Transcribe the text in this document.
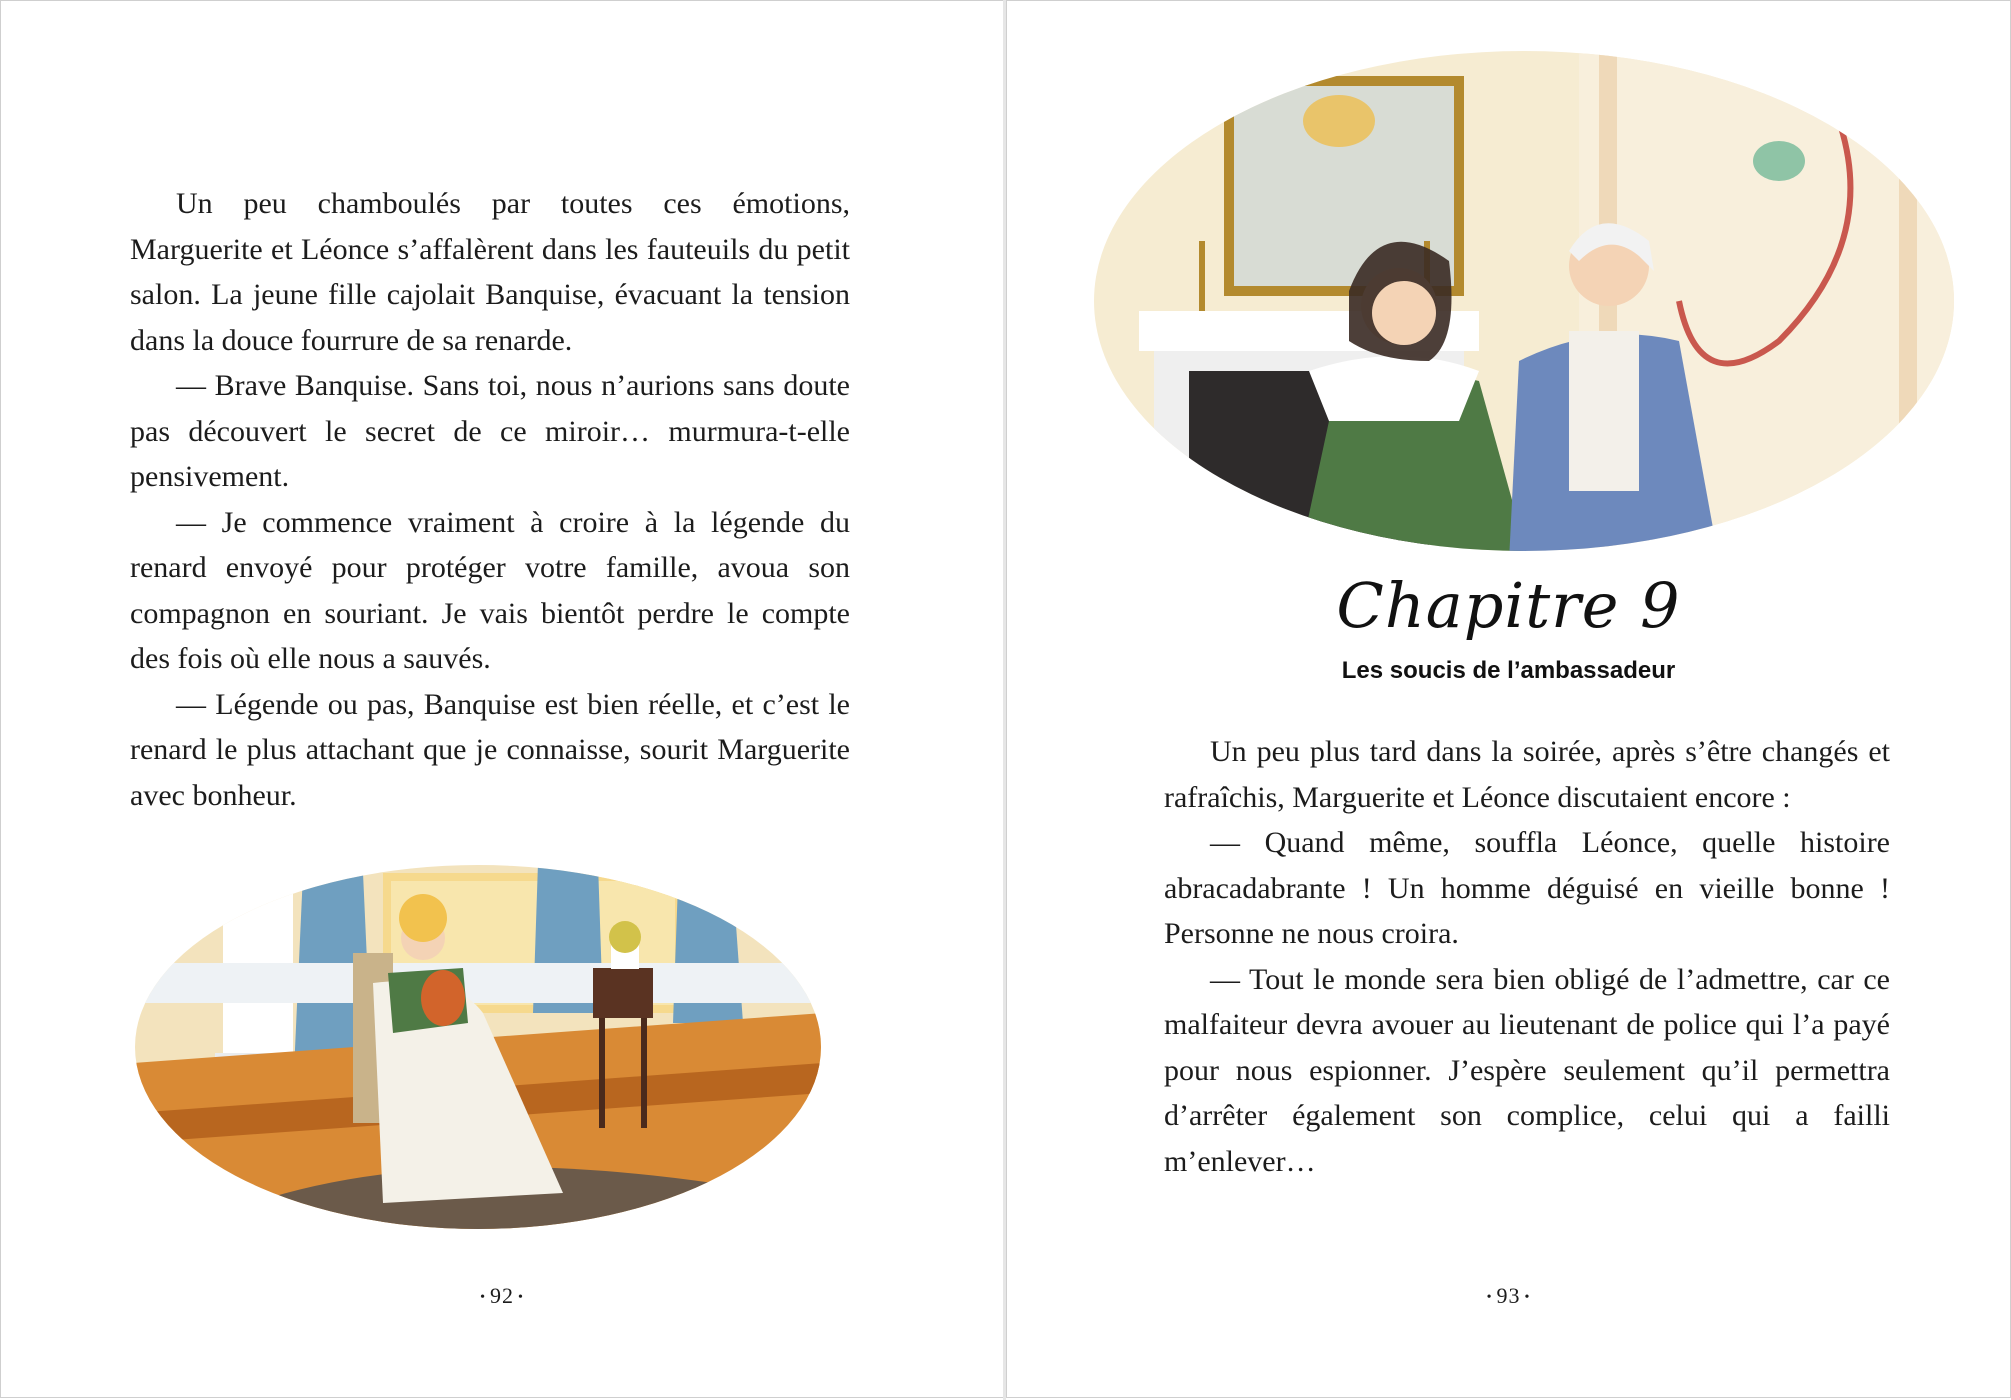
Un peu chamboulés par toutes ces émotions, Marguerite et Léonce s’affalèrent dans les fauteuils du petit salon. La jeune fille cajolait Banquise, évacuant la tension dans la douce fourrure de sa renarde.

— Brave Banquise. Sans toi, nous n’aurions sans doute pas découvert le secret de ce miroir… murmura-t-elle pensivement.

— Je commence vraiment à croire à la légende du renard envoyé pour protéger votre famille, avoua son compagnon en souriant. Je vais bientôt perdre le compte des fois où elle nous a sauvés.

— Légende ou pas, Banquise est bien réelle, et c’est le renard le plus attachant que je connaisse, sourit Marguerite avec bonheur.

• 92 •
Chapitre 9
Les soucis de l’ambassadeur

Un peu plus tard dans la soirée, après s’être changés et rafraîchis, Marguerite et Léonce discutaient encore :

— Quand même, souffla Léonce, quelle histoire abracadabrante ! Un homme déguisé en vieille bonne ! Personne ne nous croira.

— Tout le monde sera bien obligé de l’admettre, car ce malfaiteur devra avouer au lieutenant de police qui l’a payé pour nous espionner. J’espère seulement qu’il permettra d’arrêter également son complice, celui qui a failli m’enlever…

• 93 •
